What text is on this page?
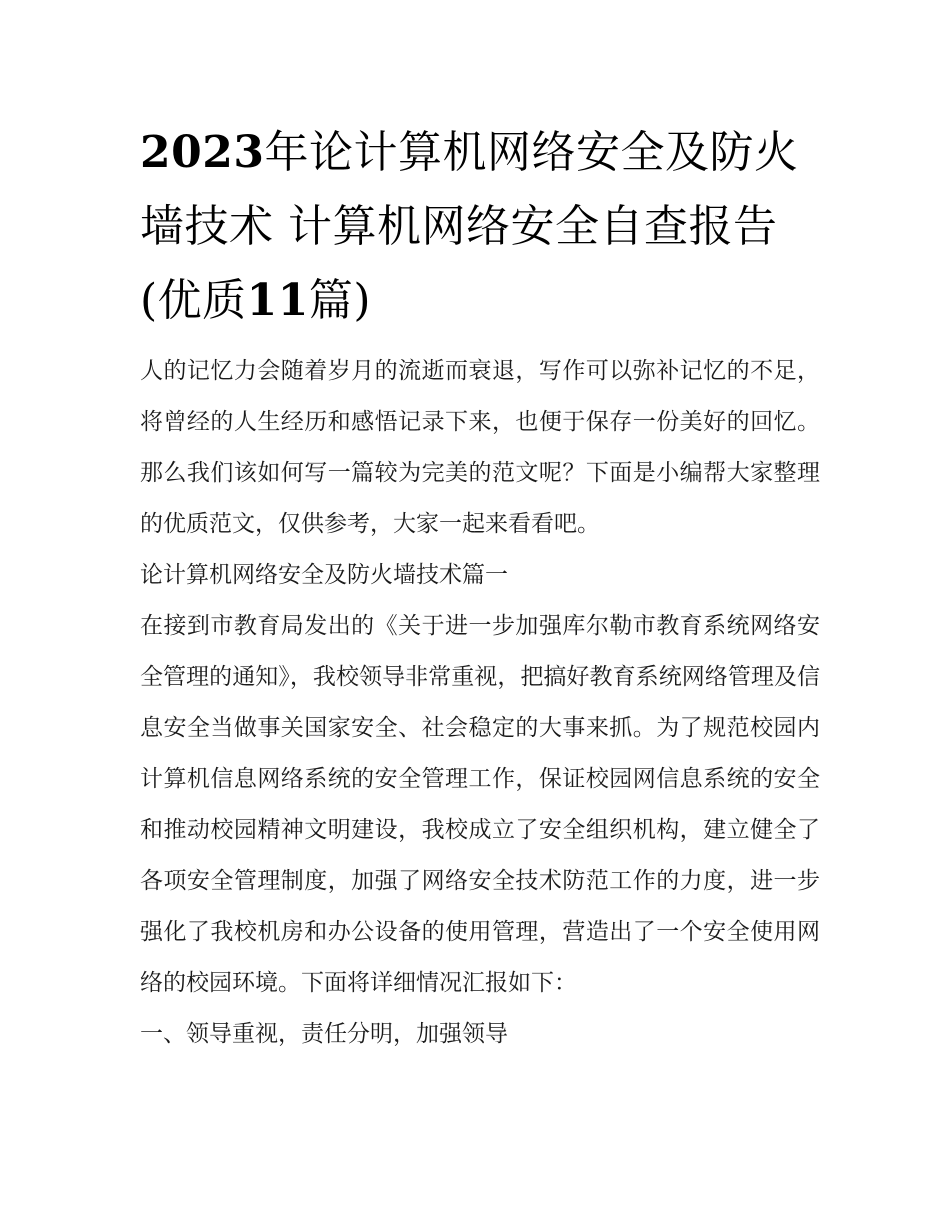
2023年论计算机网络安全及防火墙技术 计算机网络安全自查报告(优质11篇)

人的记忆力会随着岁月的流逝而衰退，写作可以弥补记忆的不足，将曾经的人生经历和感悟记录下来，也便于保存一份美好的回忆。那么我们该如何写一篇较为完美的范文呢？下面是小编帮大家整理的优质范文，仅供参考，大家一起来看看吧。

论计算机网络安全及防火墙技术篇一

在接到市教育局发出的《关于进一步加强库尔勒市教育系统网络安全管理的通知》，我校领导非常重视，把搞好教育系统网络管理及信息安全当做事关国家安全、社会稳定的大事来抓。为了规范校园内计算机信息网络系统的安全管理工作，保证校园网信息系统的安全和推动校园精神文明建设，我校成立了安全组织机构，建立健全了各项安全管理制度，加强了网络安全技术防范工作的力度，进一步强化了我校机房和办公设备的使用管理，营造出了一个安全使用网络的校园环境。下面将详细情况汇报如下：

一、领导重视，责任分明，加强领导
